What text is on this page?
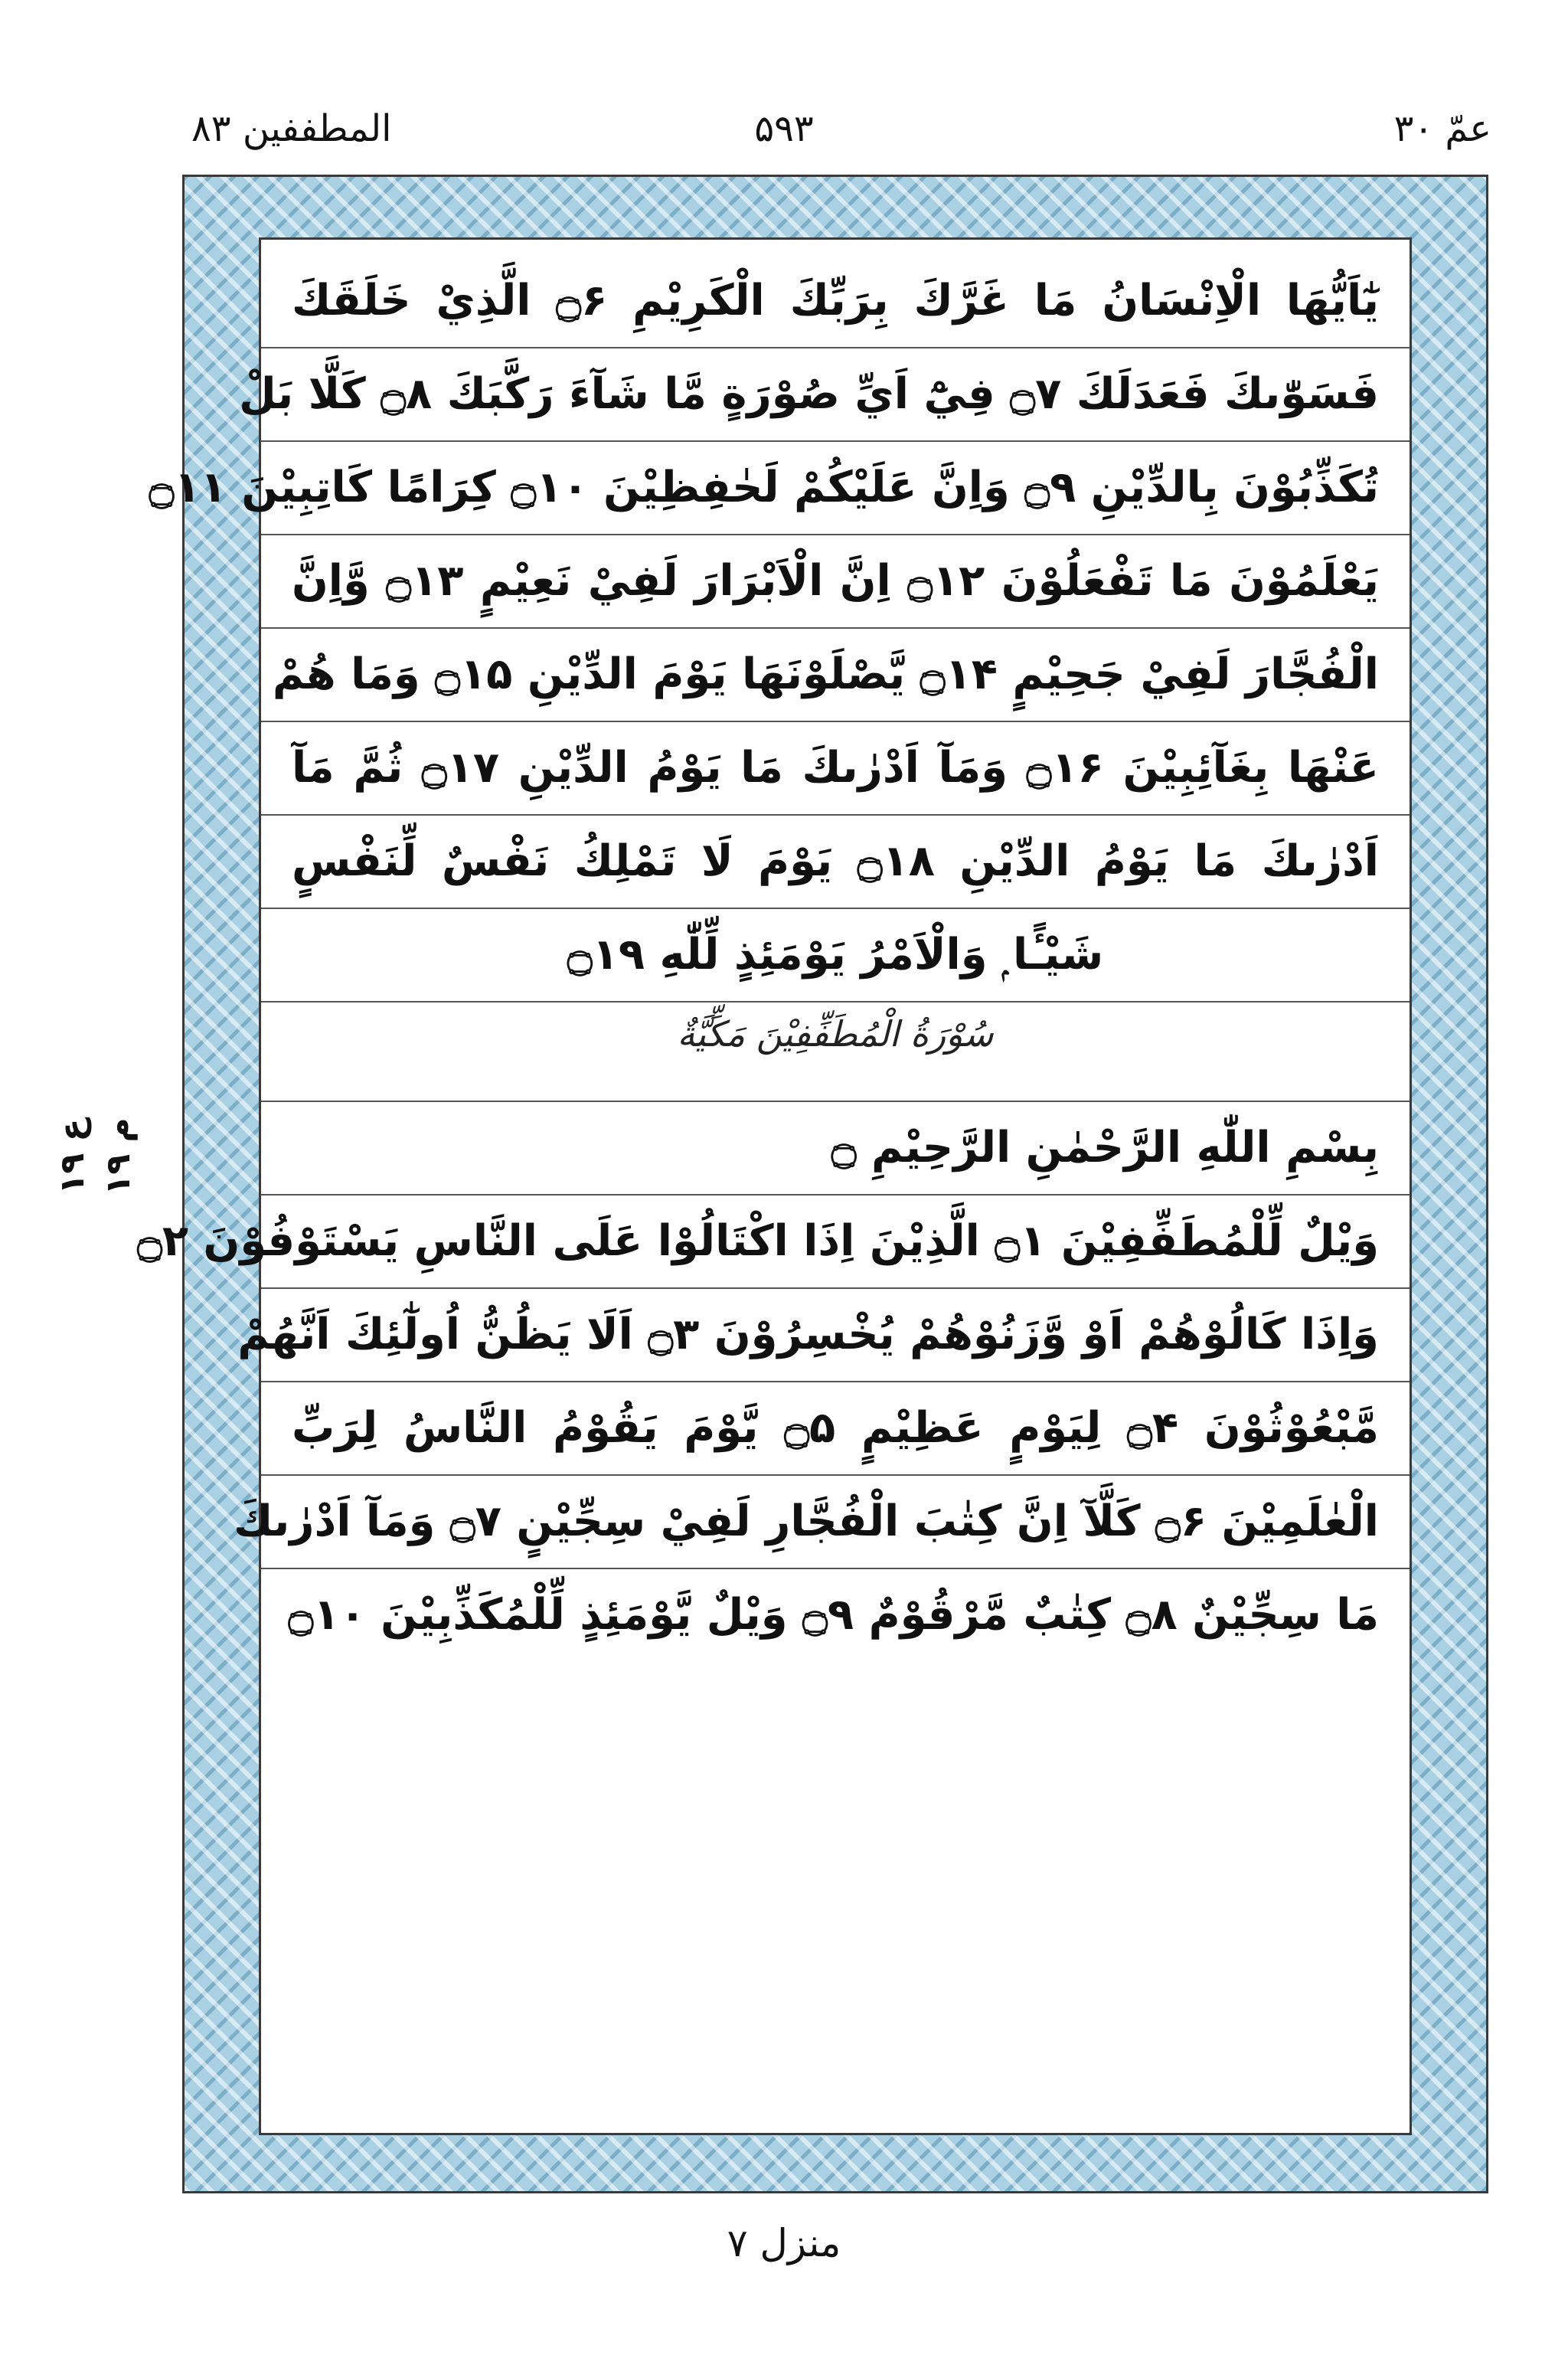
عمّ ۳۰
۵۹۳
المطففين ۸۳
يٰٓاَيُّهَا الْاِنْسَانُ مَا غَرَّكَ بِرَبِّكَ الْكَرِيْمِ ۝۶ الَّذِيْ خَلَقَكَ
فَسَوّٰىكَ فَعَدَلَكَ ۝۷ فِيْٓ اَيِّ صُوْرَةٍ مَّا شَآءَ رَكَّبَكَ ۝۸ كَلَّا بَلْ
تُكَذِّبُوْنَ بِالدِّيْنِ ۝۹ وَاِنَّ عَلَيْكُمْ لَحٰفِظِيْنَ ۝۱۰ كِرَامًا كَاتِبِيْنَ ۝۱۱
يَعْلَمُوْنَ مَا تَفْعَلُوْنَ ۝۱۲ اِنَّ الْاَبْرَارَ لَفِيْ نَعِيْمٍ ۝۱۳ وَّاِنَّ
الْفُجَّارَ لَفِيْ جَحِيْمٍ ۝۱۴ يَّصْلَوْنَهَا يَوْمَ الدِّيْنِ ۝۱۵ وَمَا هُمْ
عَنْهَا بِغَآئِبِيْنَ ۝۱۶ وَمَآ اَدْرٰىكَ مَا يَوْمُ الدِّيْنِ ۝۱۷ ثُمَّ مَآ
اَدْرٰىكَ مَا يَوْمُ الدِّيْنِ ۝۱۸ يَوْمَ لَا تَمْلِكُ نَفْسٌ لِّنَفْسٍ
شَيْـًٔا ۭ وَالْاَمْرُ يَوْمَئِذٍ لِّلّٰهِ ۝۱۹
سُوْرَةُ الْمُطَفِّفِيْنَ مَكِّيَّةٌ
بِسْمِ اللّٰهِ الرَّحْمٰنِ الرَّحِيْمِ ۝
وَيْلٌ لِّلْمُطَفِّفِيْنَ ۝۱ الَّذِيْنَ اِذَا اكْتَالُوْا عَلَى النَّاسِ يَسْتَوْفُوْنَ ۝۲
وَاِذَا كَالُوْهُمْ اَوْ وَّزَنُوْهُمْ يُخْسِرُوْنَ ۝۳ اَلَا يَظُنُّ اُولٰٓئِكَ اَنَّهُمْ
مَّبْعُوْثُوْنَ ۝۴ لِيَوْمٍ عَظِيْمٍ ۝۵ يَّوْمَ يَقُوْمُ النَّاسُ لِرَبِّ
الْعٰلَمِيْنَ ۝۶ كَلَّآ اِنَّ كِتٰبَ الْفُجَّارِ لَفِيْ سِجِّيْنٍ ۝۷ وَمَآ اَدْرٰىكَ
مَا سِجِّيْنٌ ۝۸ كِتٰبٌ مَّرْقُوْمٌ ۝۹ وَيْلٌ يَّوْمَئِذٍ لِّلْمُكَذِّبِيْنَ ۝۱۰
ع ۱۹ م ۱۹
منزل ۷
